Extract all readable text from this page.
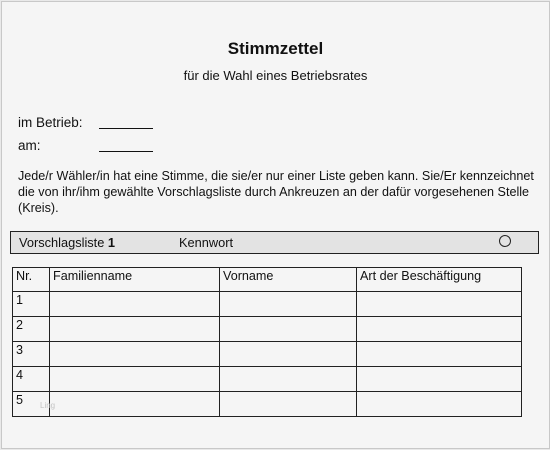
Stimmzettel
für die Wahl eines Betriebsrates
im Betrieb:
am:
Jede/r Wähler/in hat eine Stimme, die sie/er nur einer Liste geben kann. Sie/Er kennzeichnet die von ihr/ihm gewählte Vorschlagsliste durch Ankreuzen an der dafür vorgesehenen Stelle (Kreis).
Vorschlagsliste 1	Kennwort
Nr.	Familienname	Vorname	Art der Beschäftigung
1			
2			
3			
4			
5			Ling
